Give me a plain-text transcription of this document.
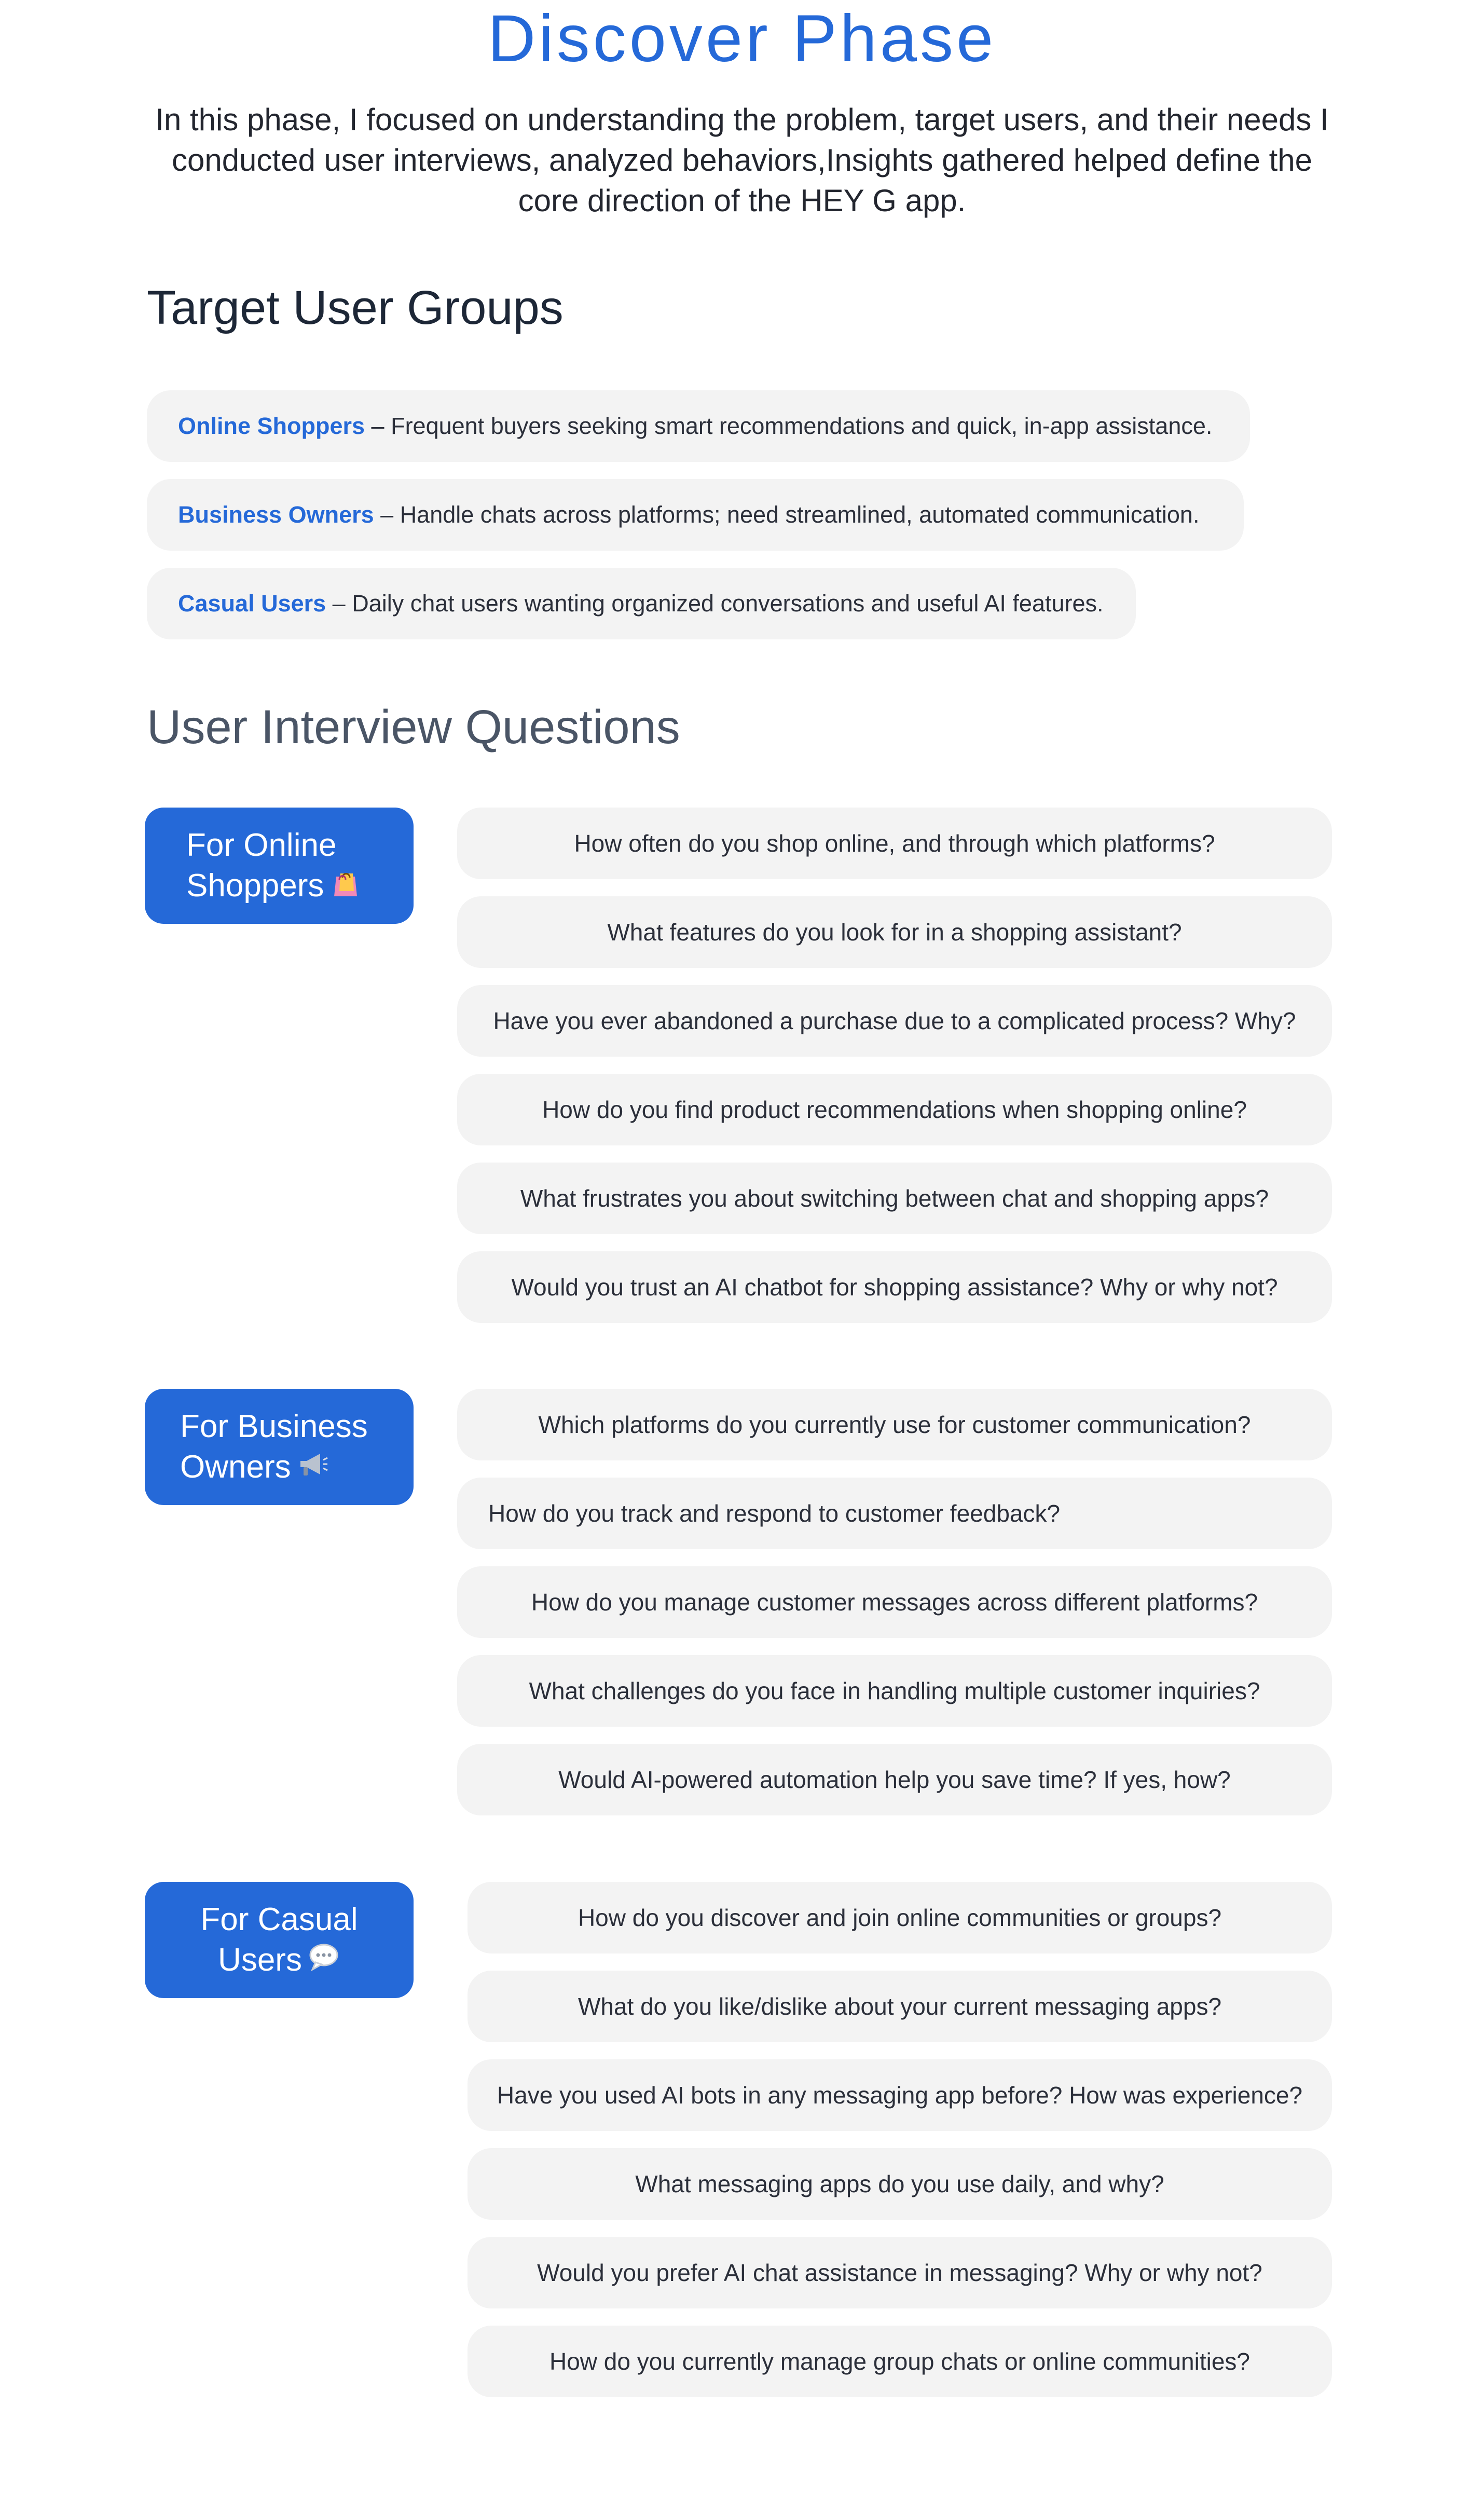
Discover Phase

In this phase, I focused on understanding the problem, target users, and their needs I conducted user interviews, analyzed behaviors,Insights gathered helped define the core direction of the HEY G app.

Target User Groups
Online Shoppers – Frequent buyers seeking smart recommendations and quick, in-app assistance.
Business Owners – Handle chats across platforms; need streamlined, automated communication.
Casual Users – Daily chat users wanting organized conversations and useful AI features.
User Interview Questions
For Online
Shoppers
How often do you shop online, and through which platforms?
What features do you look for in a shopping assistant?
Have you ever abandoned a purchase due to a complicated process? Why?
How do you find product recommendations when shopping online?
What frustrates you about switching between chat and shopping apps?
Would you trust an AI chatbot for shopping assistance? Why or why not?
For Business
Owners
Which platforms do you currently use for customer communication?
How do you track and respond to customer feedback?
How do you manage customer messages across different platforms?
What challenges do you face in handling multiple customer inquiries?
Would AI-powered automation help you save time? If yes, how?
For Casual
Users
How do you discover and join online communities or groups?
What do you like/dislike about your current messaging apps?
Have you used AI bots in any messaging app before? How was experience?
What messaging apps do you use daily, and why?
Would you prefer AI chat assistance in messaging? Why or why not?
How do you currently manage group chats or online communities?
